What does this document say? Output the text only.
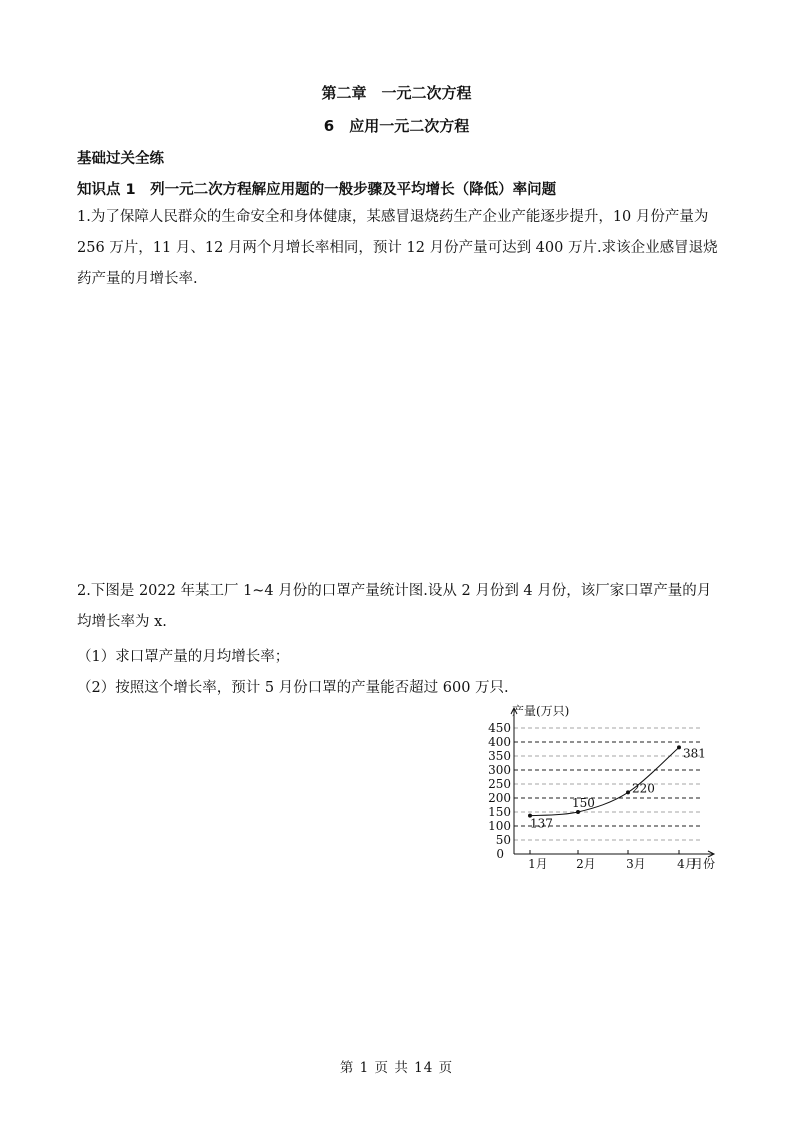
第二章　一元二次方程
6　应用一元二次方程
基础过关全练
知识点 1　列一元二次方程解应用题的一般步骤及平均增长（降低）率问题
1.为了保障人民群众的生命安全和身体健康，某感冒退烧药生产企业产能逐步提升，10 月份产量为 256 万片，11 月、12 月两个月增长率相同，预计 12 月份产量可达到 400 万片.求该企业感冒退烧药产量的月增长率.
2.下图是 2022 年某工厂 1~4 月份的口罩产量统计图.设从 2 月份到 4 月份，该厂家口罩产量的月均增长率为 x.
（1）求口罩产量的月均增长率；
（2）按照这个增长率，预计 5 月份口罩的产量能否超过 600 万只.
50
100
150
200
250
300
350
400
450
产量(万只)
月份
0
1月 2月	3月	4月
137
150
220
381
第 1 页 共 14 页
